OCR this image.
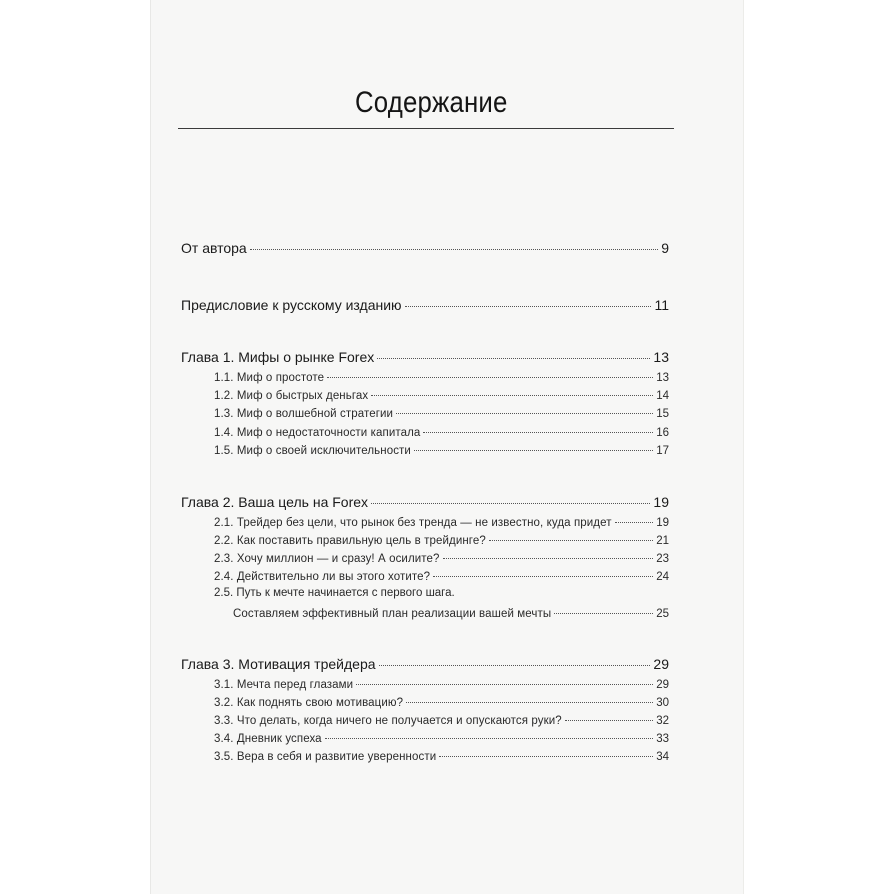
Содержание
От автора	9
Предисловие к русскому изданию	11
Глава 1. Мифы о рынке Forex	13
1.1. Миф о простоте	13
1.2. Миф о быстрых деньгах	14
1.3. Миф о волшебной стратегии	15
1.4. Миф о недостаточности капитала	16
1.5. Миф о своей исключительности	17
Глава 2. Ваша цель на Forex	19
2.1. Трейдер без цели, что рынок без тренда — не известно, куда придет	19
2.2. Как поставить правильную цель в трейдинге?	21
2.3. Хочу миллион — и сразу! А осилите?	23
2.4. Действительно ли вы этого хотите?	24
2.5. Путь к мечте начинается с первого шага.
Составляем эффективный план реализации вашей мечты	25
Глава 3. Мотивация трейдера	29
3.1. Мечта перед глазами	29
3.2. Как поднять свою мотивацию?	30
3.3. Что делать, когда ничего не получается и опускаются руки?	32
3.4. Дневник успеха	33
3.5. Вера в себя и развитие уверенности	34
